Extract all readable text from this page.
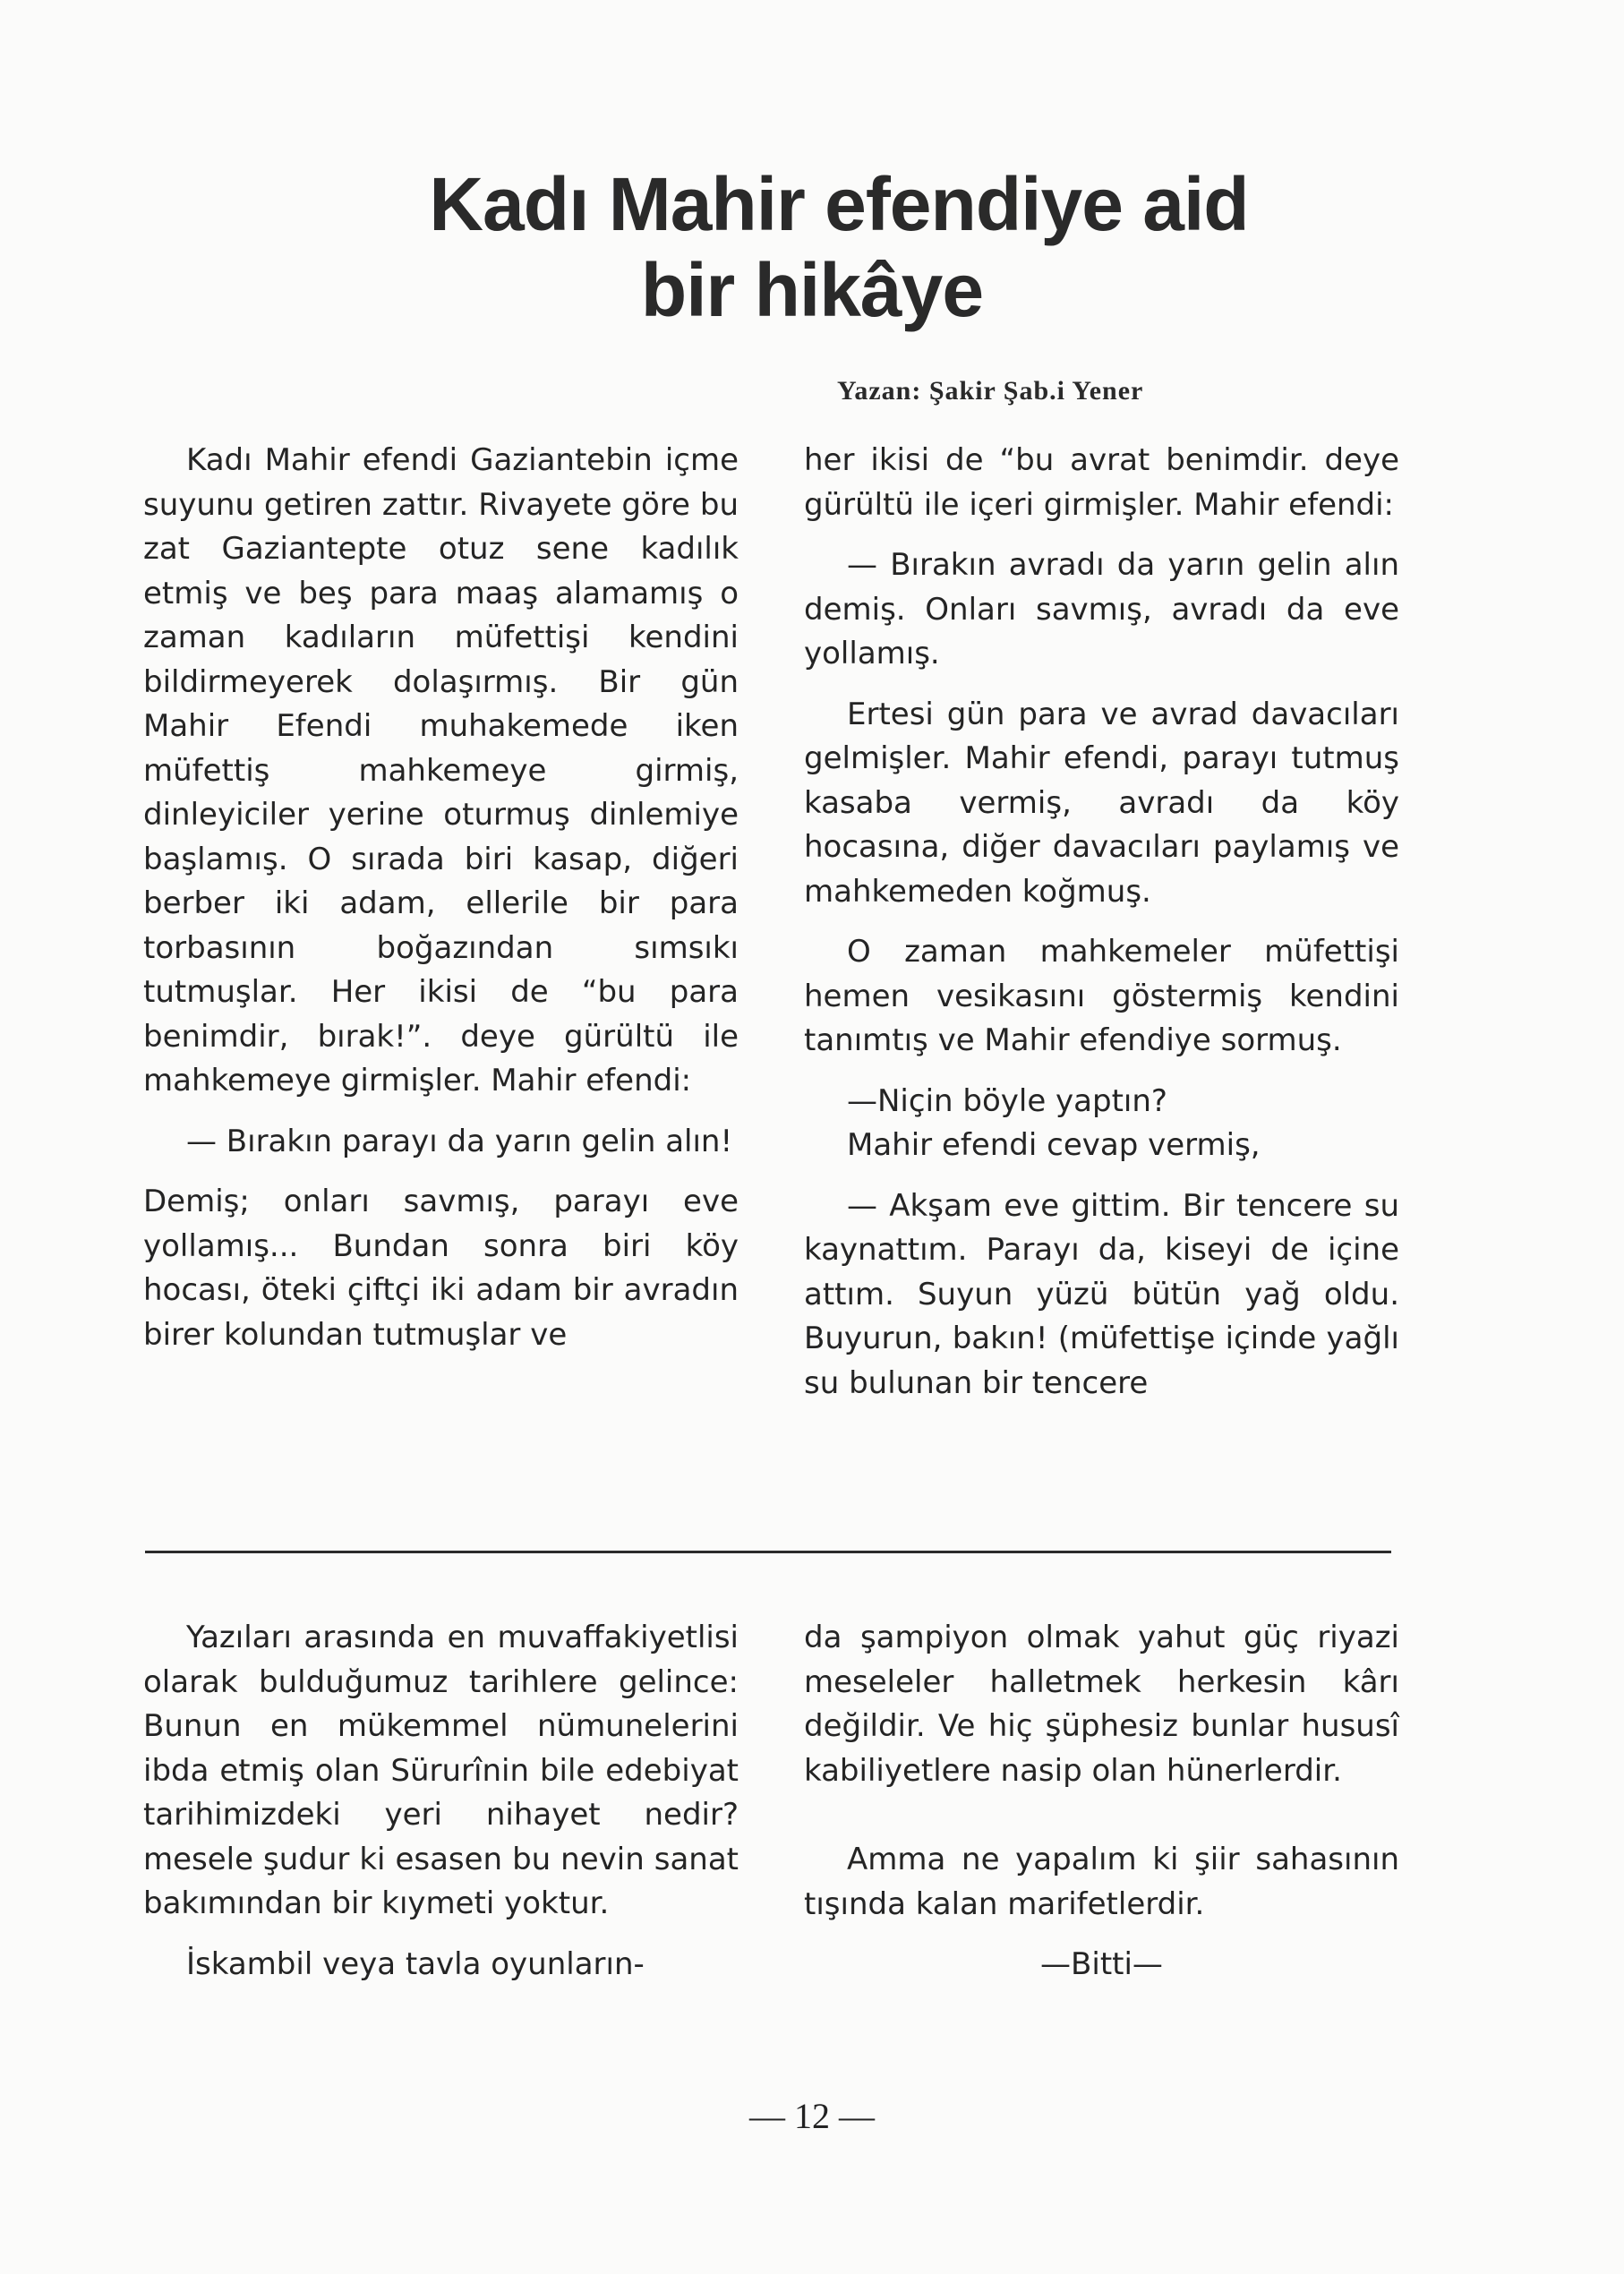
Kadı Mahir efendiye aid
bir hikâye
Yazan: Şakir Şab.i Yener

Kadı Mahir efendi Gaziantebin içme suyunu getiren zattır. Rivayete göre bu zat Gaziantepte otuz sene kadılık etmiş ve beş para maaş alamamış o zaman kadıların müfettişi kendini bildirmeyerek dolaşırmış. Bir gün Mahir Efendi muhakemede iken müfettiş mahkemeye girmiş, dinleyiciler yerine oturmuş dinlemiye başlamış. O sırada biri kasap, diğeri berber iki adam, ellerile bir para torbasının boğazından sımsıkı tutmuşlar. Her ikisi de “bu para benimdir, bırak!”. deye gürültü ile mahkemeye girmişler. Mahir efendi:

— Bırakın parayı da yarın gelin alın!

Demiş; onları savmış, parayı eve yollamış... Bundan sonra biri köy hocası, öteki çiftçi iki adam bir avradın birer kolundan tutmuşlar ve

her ikisi de “bu avrat benimdir. deye gürültü ile içeri girmişler. Mahir efendi:

— Bırakın avradı da yarın gelin alın demiş. Onları savmış, avradı da eve yollamış.

Ertesi gün para ve avrad davacıları gelmişler. Mahir efendi, parayı tutmuş kasaba vermiş, avradı da köy hocasına, diğer davacıları paylamış ve mahkemeden koğmuş.

O zaman mahkemeler müfettişi hemen vesikasını göstermiş kendini tanımtış ve Mahir efendiye sormuş.

—Niçin böyle yaptın?

Mahir efendi cevap vermiş,

— Akşam eve gittim. Bir tencere su kaynattım. Parayı da, kiseyi de içine attım. Suyun yüzü bütün yağ oldu. Buyurun, bakın! (müfettişe içinde yağlı su bulunan bir tencere

Yazıları arasında en muvaffakiyetlisi olarak bulduğumuz tarihlere gelince: Bunun en mükemmel nümunelerini ibda etmiş olan Sürurînin bile edebiyat tarihimizdeki yeri nihayet nedir? mesele şudur ki esasen bu nevin sanat bakımından bir kıymeti yoktur.

İskambil veya tavla oyunların-

da şampiyon olmak yahut güç riyazi meseleler halletmek herkesin kârı değildir. Ve hiç şüphesiz bunlar hususî kabiliyetlere nasip olan hünerlerdir.

Amma ne yapalım ki şiir sahasının tışında kalan marifetlerdir.

—Bitti—

— 12 —
